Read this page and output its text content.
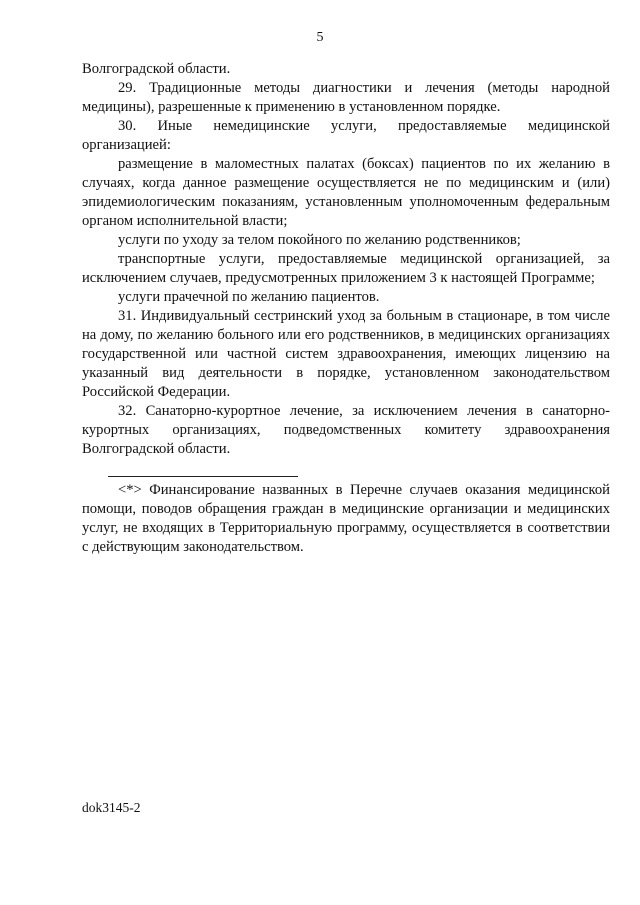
5

Волгоградской области.

29. Традиционные методы диагностики и лечения (методы народной медицины), разрешенные к применению в установленном порядке.

30. Иные немедицинские услуги, предоставляемые медицинской организацией:

размещение в маломестных палатах (боксах) пациентов по их желанию в случаях, когда данное размещение осуществляется не по медицинским и (или) эпидемиологическим показаниям, установленным уполномоченным федеральным органом исполнительной власти;

услуги по уходу за телом покойного по желанию родственников;

транспортные услуги, предоставляемые медицинской организацией, за исключением случаев, предусмотренных приложением 3 к настоящей Программе;

услуги прачечной по желанию пациентов.

31. Индивидуальный сестринский уход за больным в стационаре, в том числе на дому, по желанию больного или его родственников, в медицинских организациях государственной или частной систем здравоохранения, имеющих лицензию на указанный вид деятельности в порядке, установленном законодательством Российской Федерации.

32. Санаторно-курортное лечение, за исключением лечения в санаторно-курортных организациях, подведомственных комитету здравоохранения Волгоградской области.

<*> Финансирование названных в Перечне случаев оказания медицинской помощи, поводов обращения граждан в медицинские организации и медицинских услуг, не входящих в Территориальную программу, осуществляется в соответствии с действующим законодательством.

dok3145-2
